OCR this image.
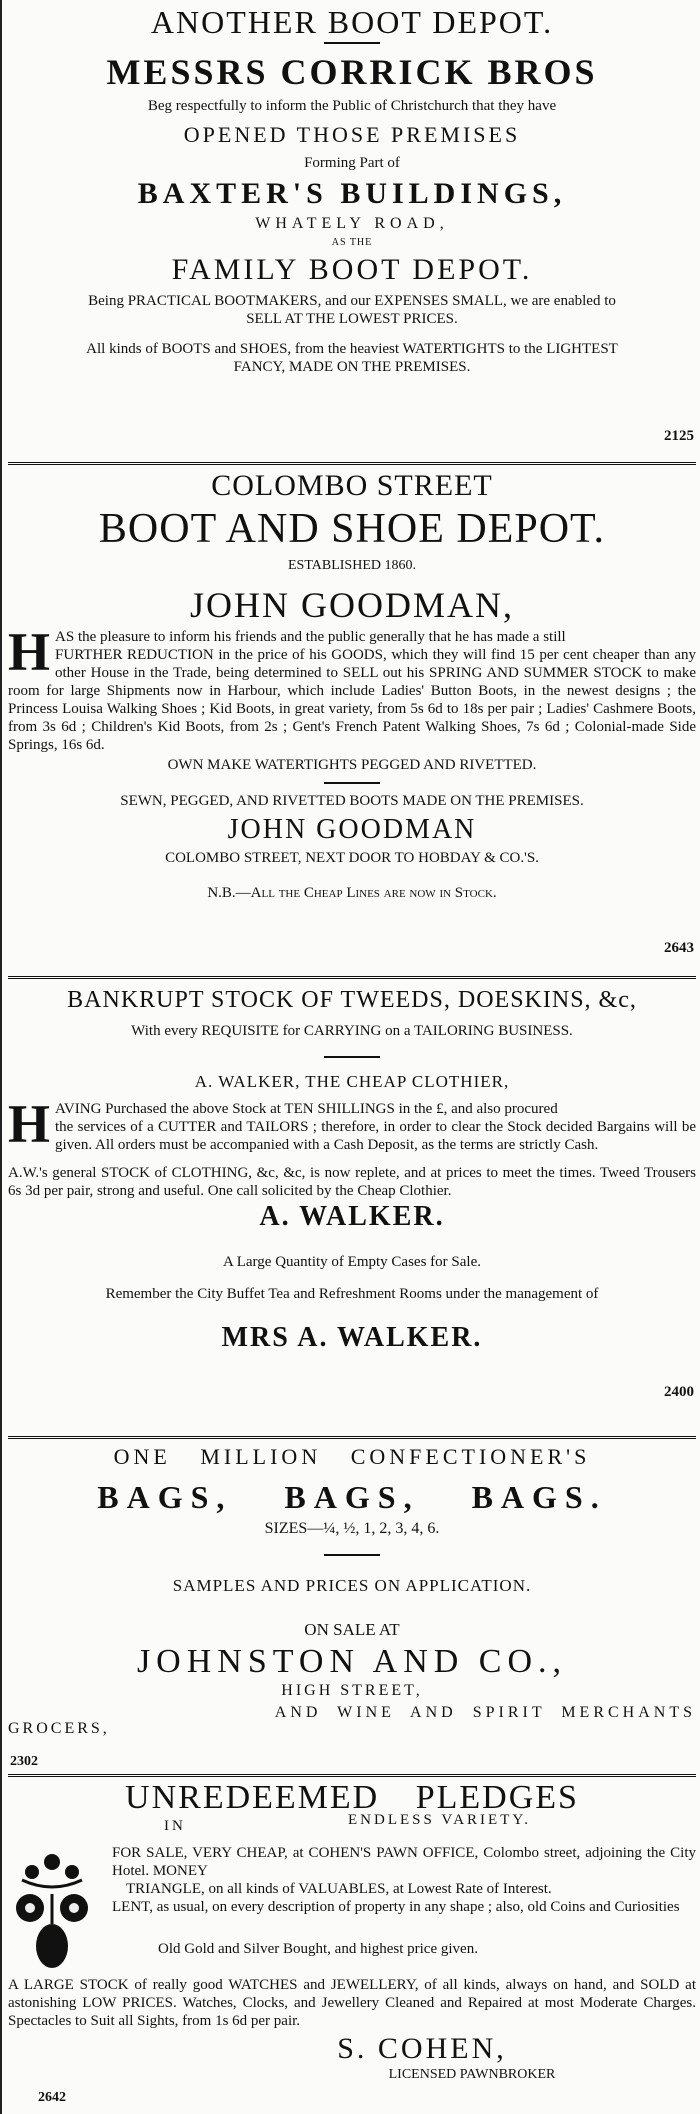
ANOTHER BOOT DEPOT.
MESSRS CORRICK BROS
Beg respectfully to inform the Public of Christchurch that they have
OPENED THOSE PREMISES
Forming Part of
BAXTER'S BUILDINGS,
WHATELY ROAD,
AS THE
FAMILY BOOT DEPOT.
Being PRACTICAL BOOTMAKERS, and our EXPENSES SMALL, we are enabled to
SELL AT THE LOWEST PRICES.
All kinds of BOOTS and SHOES, from the heaviest WATERTIGHTS to the LIGHTEST
FANCY, MADE ON THE PREMISES.
2125
COLOMBO STREET
BOOT AND SHOE DEPOT.
ESTABLISHED 1860.
JOHN GOODMAN,
H AS the pleasure to inform his friends and the public generally that he has made a still
FURTHER REDUCTION in the price of his GOODS, which they will find 15 per cent cheaper than any other House in the Trade, being determined to SELL out his SPRING AND SUMMER STOCK to make room for large Shipments now in Harbour, which include Ladies' Button Boots, in the newest designs ; the Princess Louisa Walking Shoes ; Kid Boots, in great variety, from 5s 6d to 18s per pair ; Ladies' Cashmere Boots, from 3s 6d ; Children's Kid Boots, from 2s ; Gent's French Patent Walking Shoes, 7s 6d ; Colonial-made Side Springs, 16s 6d.
OWN MAKE WATERTIGHTS PEGGED AND RIVETTED.
SEWN, PEGGED, AND RIVETTED BOOTS MADE ON THE PREMISES.
JOHN GOODMAN
COLOMBO STREET, NEXT DOOR TO HOBDAY & CO.'S.
N.B.—All the Cheap Lines are now in Stock.
2643
BANKRUPT STOCK OF TWEEDS, DOESKINS, &c,
With every REQUISITE for CARRYING on a TAILORING BUSINESS.
A. WALKER, THE CHEAP CLOTHIER,
H AVING Purchased the above Stock at TEN SHILLINGS in the £, and also procured
the services of a CUTTER and TAILORS ; therefore, in order to clear the Stock decided Bargains will be given. All orders must be accompanied with a Cash Deposit, as the terms are strictly Cash.
A.W.'s general STOCK of CLOTHING, &c, &c, is now replete, and at prices to meet the times. Tweed Trousers 6s 3d per pair, strong and useful. One call solicited by the Cheap Clothier.
A. WALKER.
A Large Quantity of Empty Cases for Sale.
Remember the City Buffet Tea and Refreshment Rooms under the management of
MRS A. WALKER.
2400
ONE MILLION CONFECTIONER'S
BAGS, BAGS, BAGS.
SIZES—¼, ½, 1, 2, 3, 4, 6.
SAMPLES AND PRICES ON APPLICATION.
ON SALE AT
JOHNSTON AND CO.,
HIGH STREET,
GROCERS,
AND WINE AND SPIRIT MERCHANTS
2302
UNREDEEMED PLEDGES
IN	ENDLESS VARIETY.
FOR SALE, VERY CHEAP, at COHEN'S PAWN OFFICE, Colombo street, adjoining the City Hotel. MONEY
TRIANGLE, on all kinds of VALUABLES, at Lowest Rate of Interest.
LENT, as usual, on every description of property in any shape ; also, old Coins and Curiosities
Old Gold and Silver Bought, and highest price given.
A LARGE STOCK of really good WATCHES and JEWELLERY, of all kinds, always on hand, and SOLD at astonishing LOW PRICES. Watches, Clocks, and Jewellery Cleaned and Repaired at most Moderate Charges. Spectacles to Suit all Sights, from 1s 6d per pair.
S. COHEN,
LICENSED PAWNBROKER
2642
